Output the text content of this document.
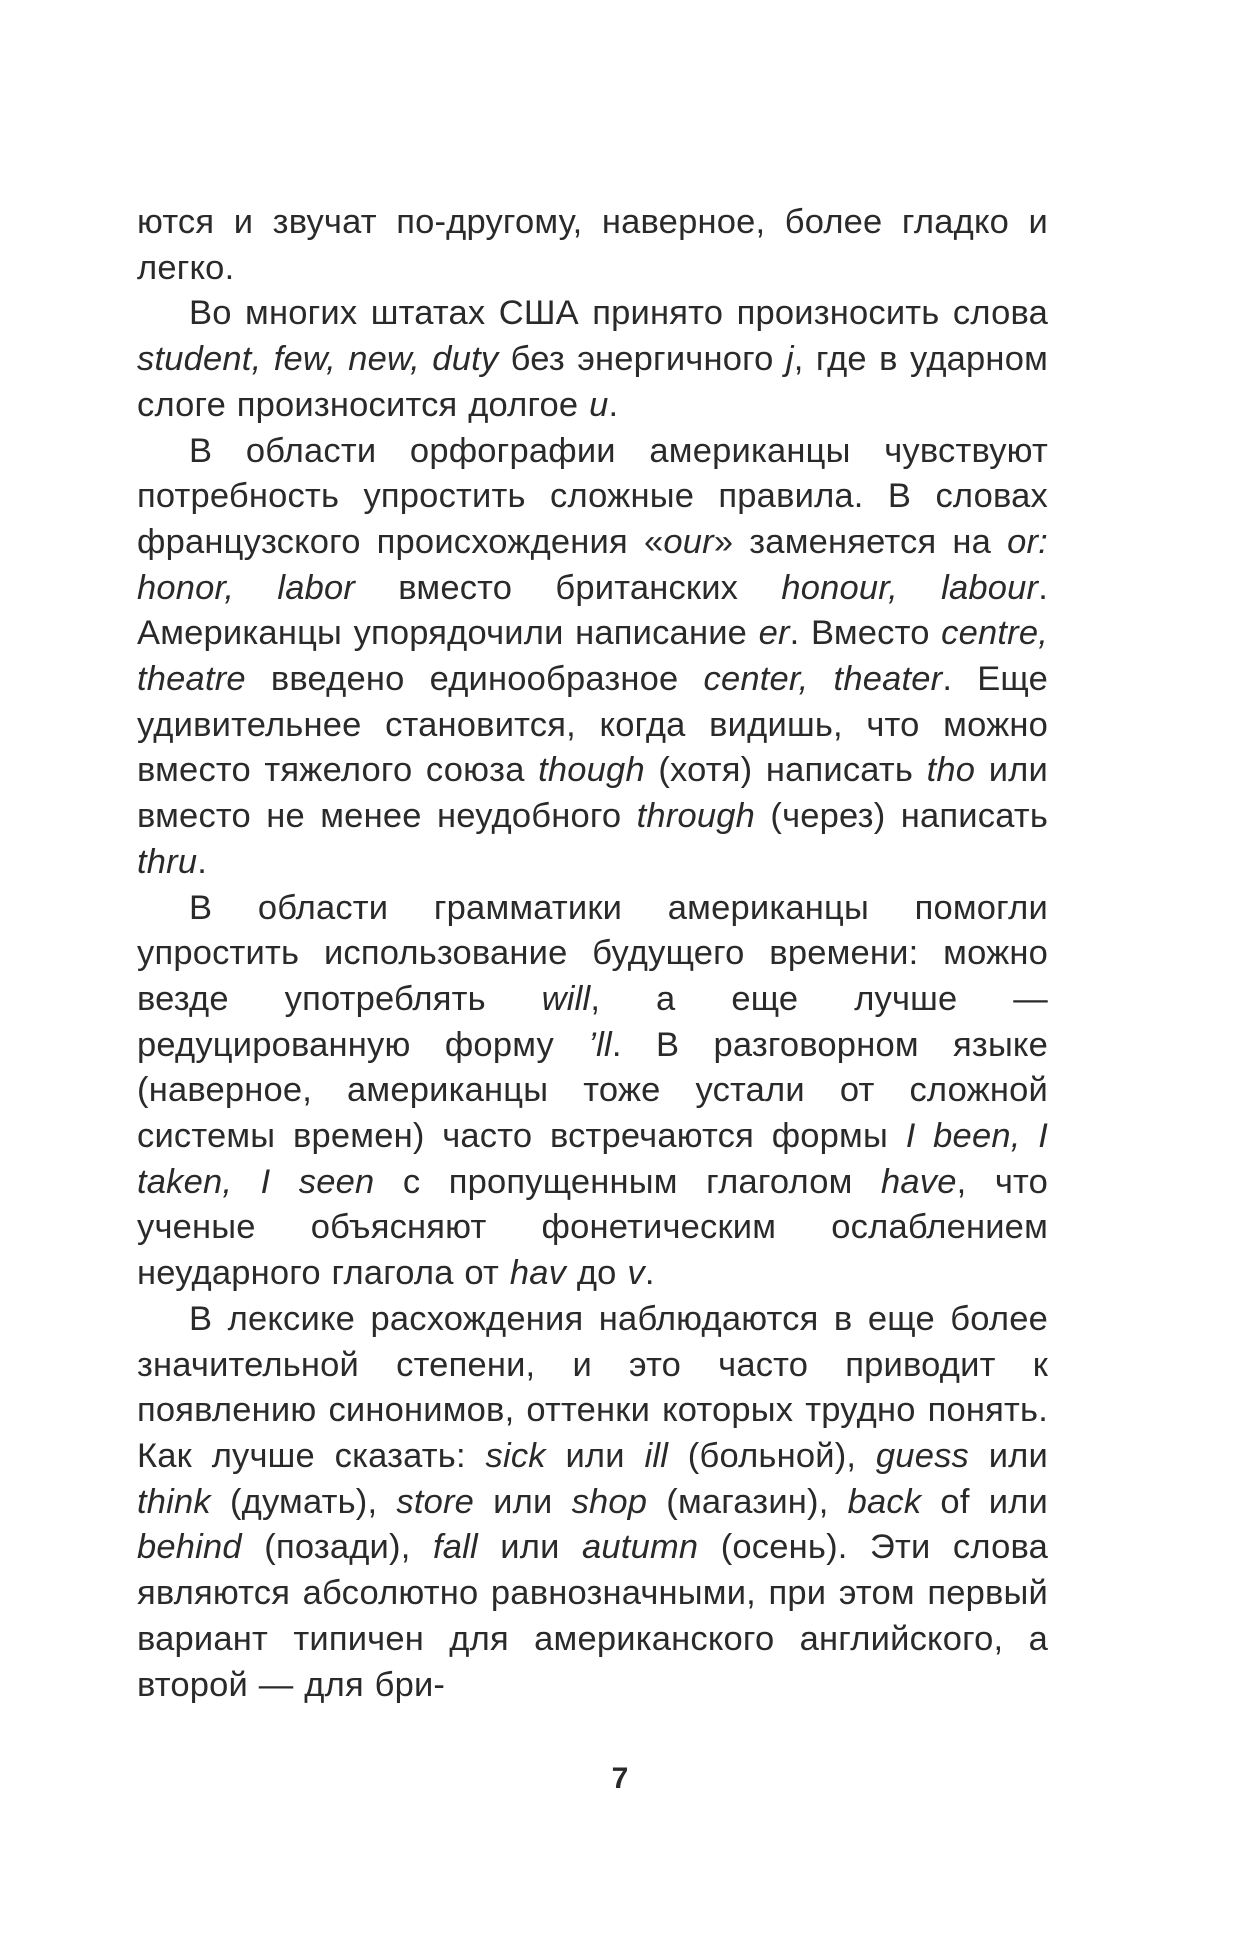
ются и звучат по-другому, наверное, более гладко и легко.

Во многих штатах США принято произносить слова student, few, new, duty без энергичного j, где в ударном слоге произносится долгое u.

В области орфографии американцы чувствуют потребность упростить сложные правила. В словах французского происхождения «our» заменяется на or: honor, labor вместо британских honour, labour. Американцы упорядочили написание er. Вместо centre, theatre введено единообразное center, theater. Еще удивительнее становится, когда видишь, что можно вместо тяжелого союза though (хотя) написать tho или вместо не менее неудобного through (через) написать thru.

В области грамматики американцы помогли упростить использование будущего времени: можно везде употреблять will, а еще лучше — редуцированную форму ’ll. В разговорном языке (наверное, американцы тоже устали от сложной системы времен) часто встречаются формы I been, I taken, I seen с пропущенным глаголом have, что ученые объясняют фонетическим ослаблением неударного глагола от hav до v.

В лексике расхождения наблюдаются в еще более значительной степени, и это часто приводит к появлению синонимов, оттенки которых трудно понять. Как лучше сказать: sick или ill (больной), guess или think (думать), store или shop (магазин), back of или behind (позади), fall или autumn (осень). Эти слова являются абсолютно равнозначными, при этом первый вариант типичен для американского английского, а второй — для бри-

7
